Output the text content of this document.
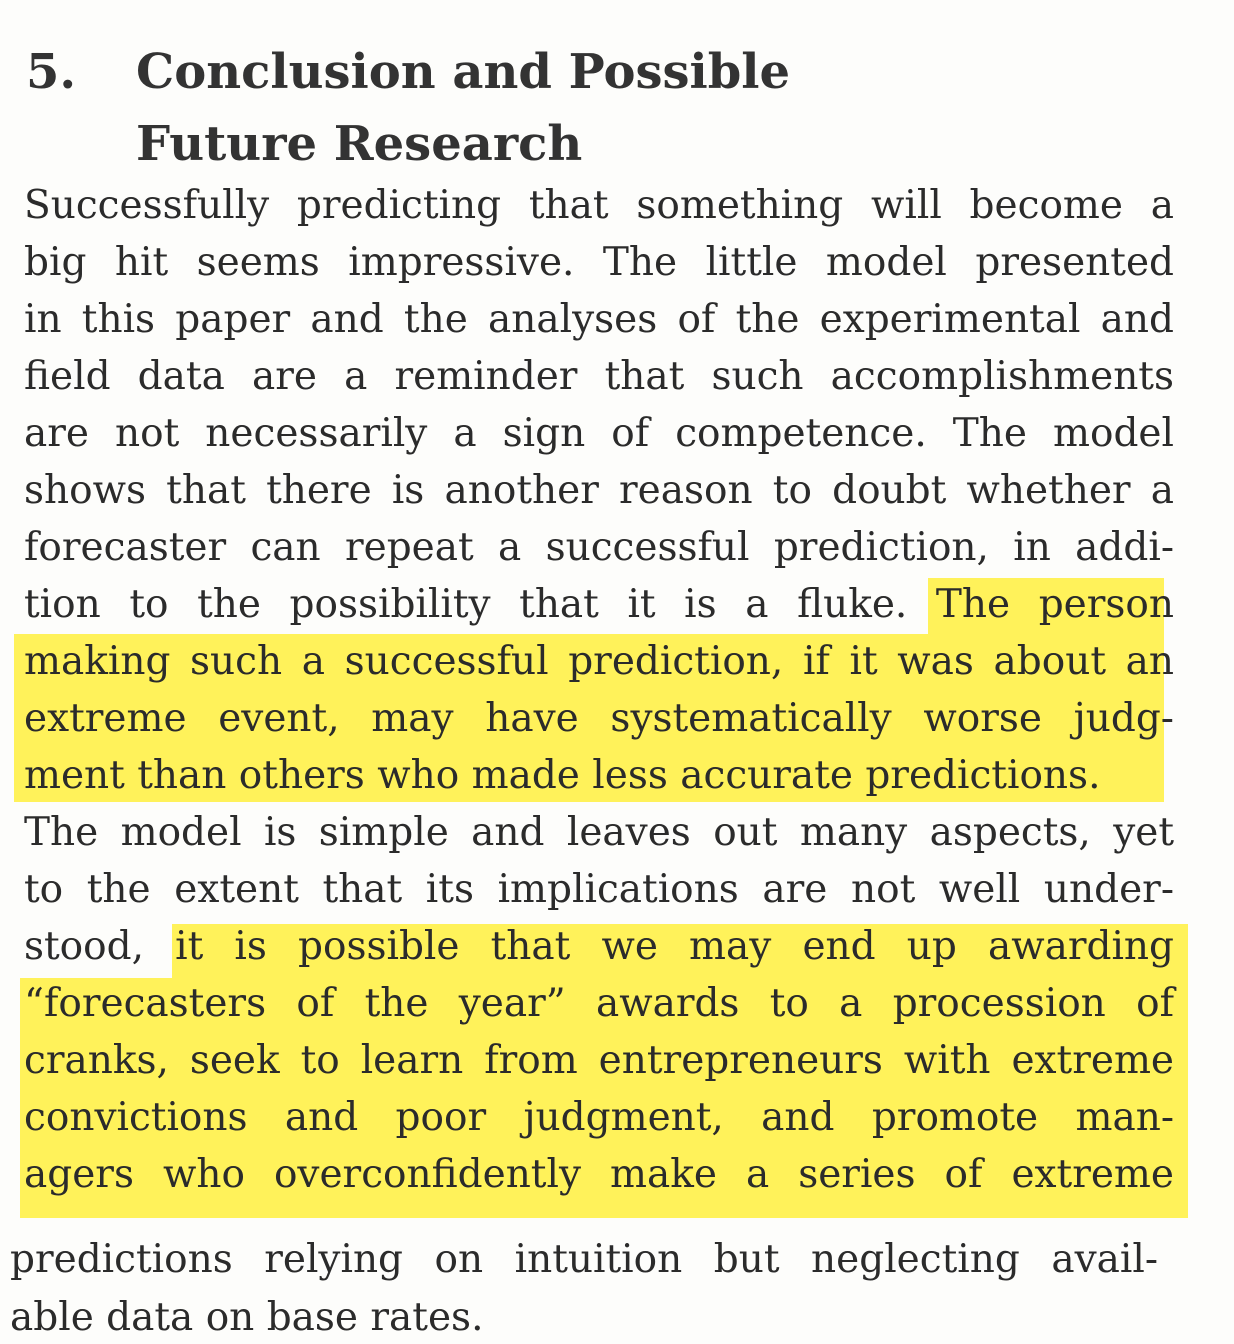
5.	Conclusion and Possible
Future Research
Successfully predicting that something will become a
big hit seems impressive. The little model presented
in this paper and the analyses of the experimental and
field data are a reminder that such accomplishments
are not necessarily a sign of competence. The model
shows that there is another reason to doubt whether a
forecaster can repeat a successful prediction, in addi-
tion to the possibility that it is a fluke. The person
making such a successful prediction, if it was about an
extreme event, may have systematically worse judg-
ment than others who made less accurate predictions.
The model is simple and leaves out many aspects, yet
to the extent that its implications are not well under-
stood, it is possible that we may end up awarding
“forecasters of the year” awards to a procession of
cranks, seek to learn from entrepreneurs with extreme
convictions and poor judgment, and promote man-
agers who overconfidently make a series of extreme
predictions relying on intuition but neglecting avail-
able data on base rates.
